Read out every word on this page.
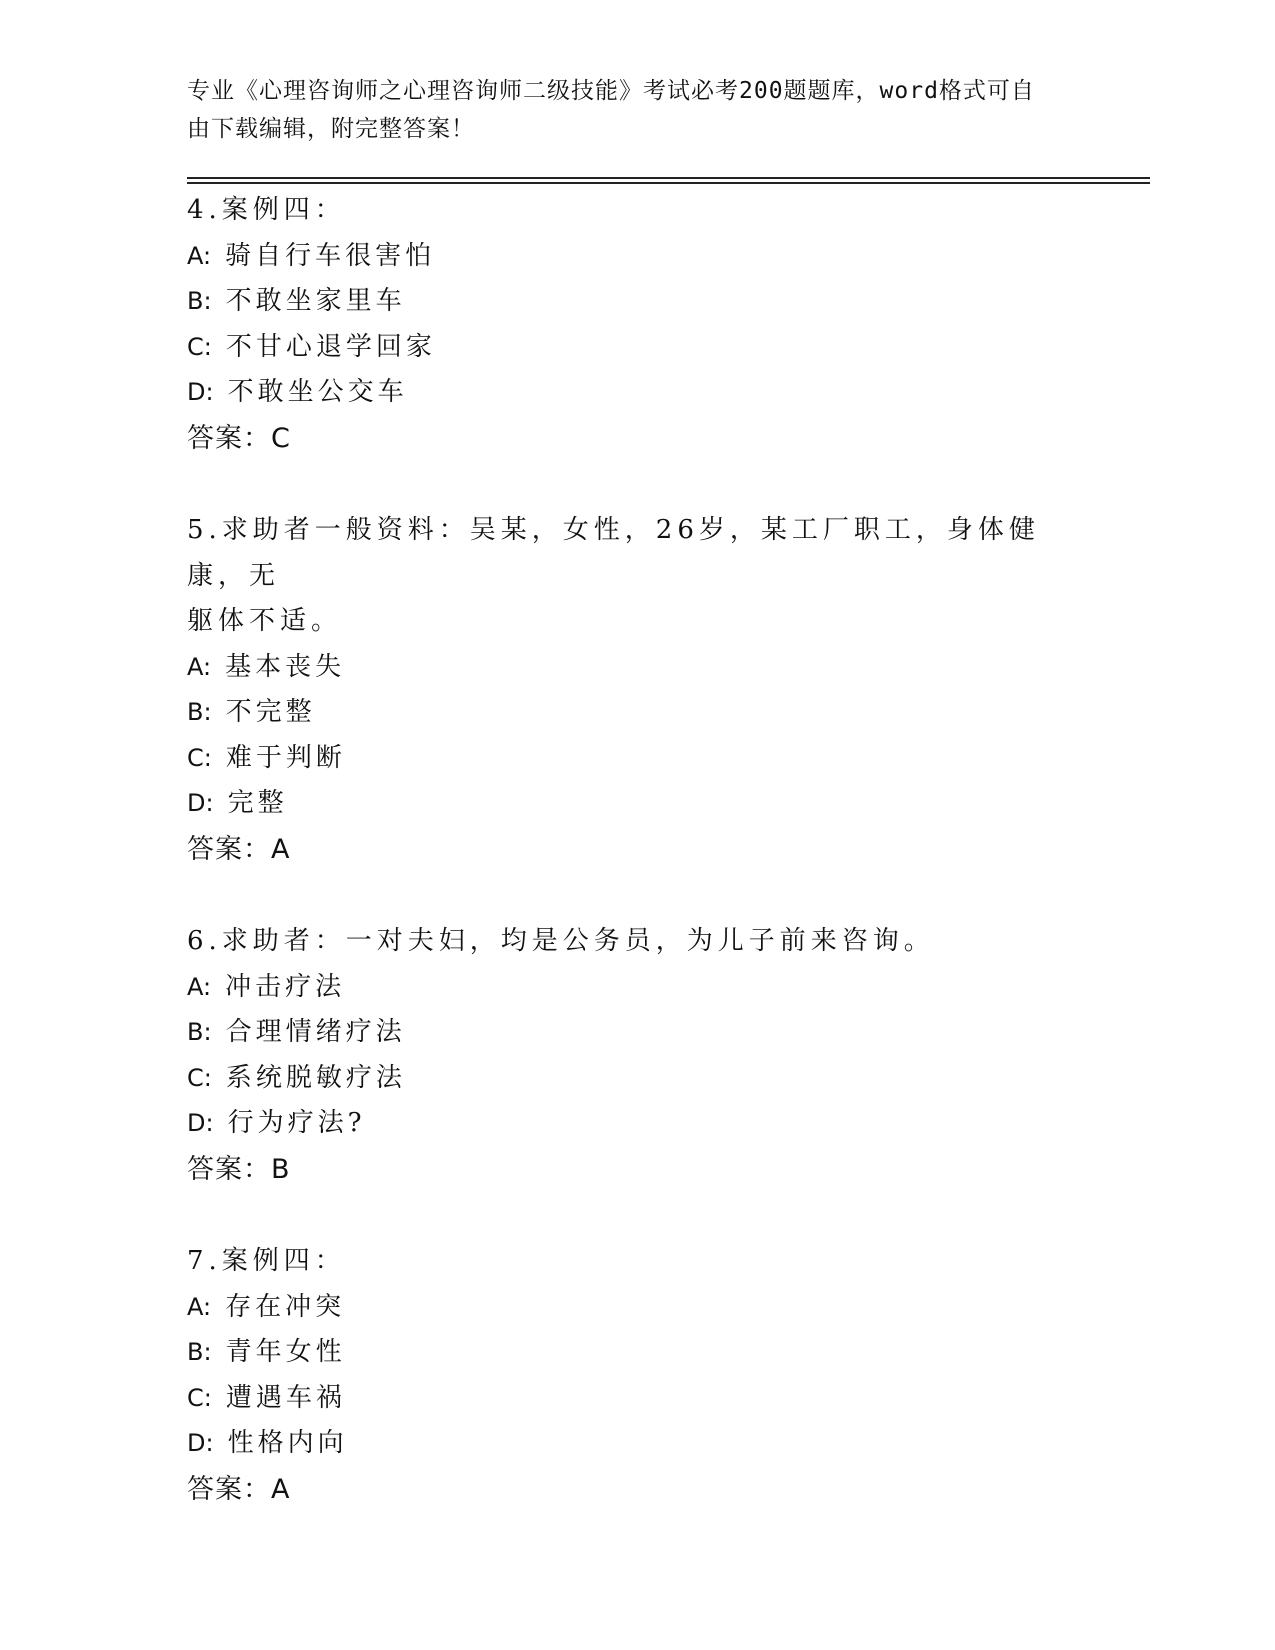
专业《心理咨询师之心理咨询师二级技能》考试必考200题题库，word格式可自
由下载编辑，附完整答案！
4.案例四：
A: 骑自行车很害怕
B: 不敢坐家里车
C: 不甘心退学回家
D: 不敢坐公交车
答案：C
5.求助者一般资料：吴某，女性，26岁，某工厂职工，身体健康，无
躯体不适。
A: 基本丧失
B: 不完整
C: 难于判断
D: 完整
答案：A
6.求助者：一对夫妇，均是公务员，为儿子前来咨询。
A: 冲击疗法
B: 合理情绪疗法
C: 系统脱敏疗法
D: 行为疗法?
答案：B
7.案例四：
A: 存在冲突
B: 青年女性
C: 遭遇车祸
D: 性格内向
答案：A
